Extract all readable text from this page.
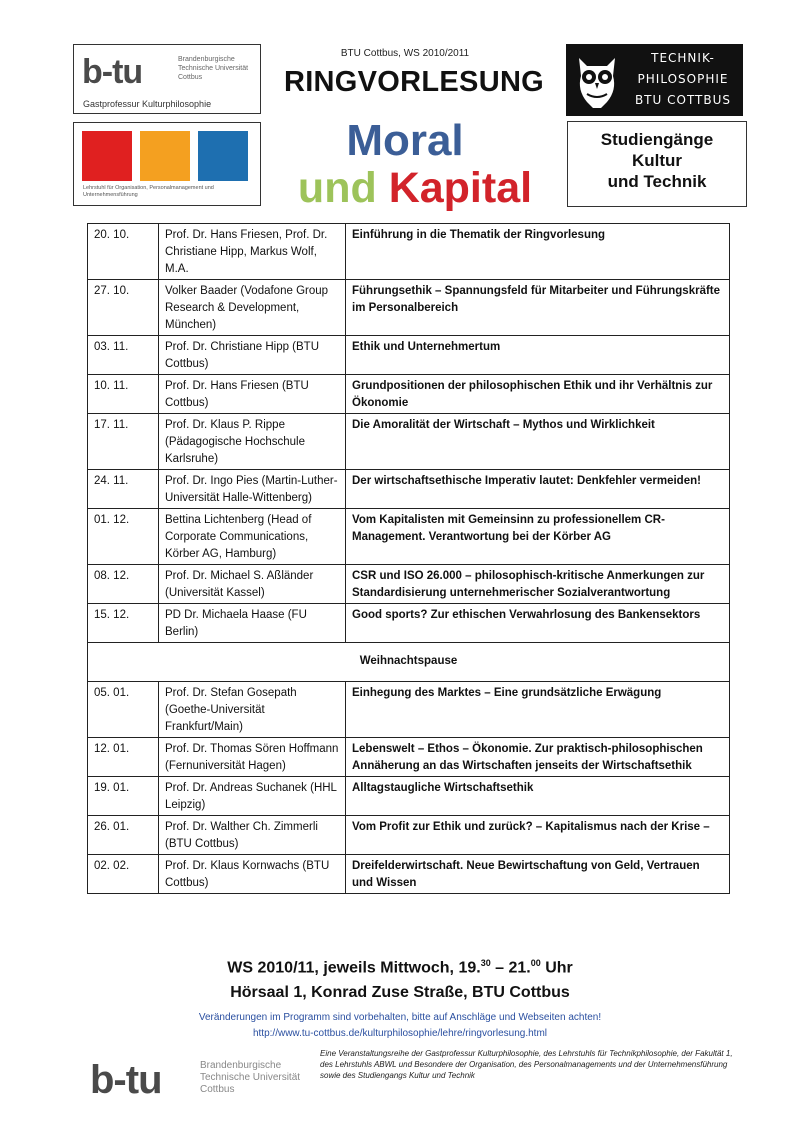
b-tu	Brandenburgische Technische Universität Cottbus
Gastprofessur Kulturphilosophie
Lehrstuhl für Organisation, Personalmanagement und Unternehmensführung
BTU Cottbus, WS 2010/2011
RINGVORLESUNG
Moral
und Kapital
TECHNIK-
PHILOSOPHIE
BTU COTTBUS
Studiengänge
Kultur
und Technik
20. 10.	Prof. Dr. Hans Friesen, Prof. Dr. Christiane Hipp, Markus Wolf, M.A.	Einführung in die Thematik der Ringvorlesung
27. 10.	Volker Baader (Vodafone Group Research & Development, München)	Führungsethik – Spannungsfeld für Mitarbeiter und Führungskräfte im Personalbereich
03. 11.	Prof. Dr. Christiane Hipp (BTU Cottbus)	Ethik und Unternehmertum
10. 11.	Prof. Dr. Hans Friesen (BTU Cottbus)	Grundpositionen der philosophischen Ethik und ihr Verhältnis zur Ökonomie
17. 11.	Prof. Dr. Klaus P. Rippe (Pädagogische Hochschule Karlsruhe)	Die Amoralität der Wirtschaft – Mythos und Wirklichkeit
24. 11.	Prof. Dr. Ingo Pies (Martin-Luther-Universität Halle-Wittenberg)	Der wirtschaftsethische Imperativ lautet: Denkfehler vermeiden!
01. 12.	Bettina Lichtenberg (Head of Corporate Communications, Körber AG, Hamburg)	Vom Kapitalisten mit Gemeinsinn zu professionellem CR-Management. Verantwortung bei der Körber AG
08. 12.	Prof. Dr. Michael S. Aßländer (Universität Kassel)	CSR und ISO 26.000 – philosophisch-kritische Anmerkungen zur Standardisierung unternehmerischer Sozialverantwortung
15. 12.	PD Dr. Michaela Haase (FU Berlin)	Good sports? Zur ethischen Verwahrlosung des Bankensektors
Weihnachtspause		
05. 01.	Prof. Dr. Stefan Gosepath (Goethe-Universität Frankfurt/Main)	Einhegung des Marktes – Eine grundsätzliche Erwägung
12. 01.	Prof. Dr. Thomas Sören Hoffmann (Fernuniversität Hagen)	Lebenswelt – Ethos – Ökonomie. Zur praktisch-philosophischen Annäherung an das Wirtschaften jenseits der Wirtschaftsethik
19. 01.	Prof. Dr. Andreas Suchanek (HHL Leipzig)	Alltagstaugliche Wirtschaftsethik
26. 01.	Prof. Dr. Walther Ch. Zimmerli (BTU Cottbus)	Vom Profit zur Ethik und zurück? – Kapitalismus nach der Krise –
02. 02.	Prof. Dr. Klaus Kornwachs (BTU Cottbus)	Dreifelderwirtschaft. Neue Bewirtschaftung von Geld, Vertrauen und Wissen
WS 2010/11, jeweils Mittwoch, 19.30 – 21.00 Uhr
Hörsaal 1, Konrad Zuse Straße, BTU Cottbus
Veränderungen im Programm sind vorbehalten, bitte auf Anschläge und Webseiten achten!
http://www.tu-cottbus.de/kulturphilosophie/lehre/ringvorlesung.html
b-tu	Brandenburgische Technische Universität Cottbus
Eine Veranstaltungsreihe der Gastprofessur Kulturphilosophie, des Lehrstuhls für Technikphilosophie, der Fakultät 1, des Lehrstuhls ABWL und Besondere der Organisation, des Personalmanagements und der Unternehmensführung sowie des Studiengangs Kultur und Technik
